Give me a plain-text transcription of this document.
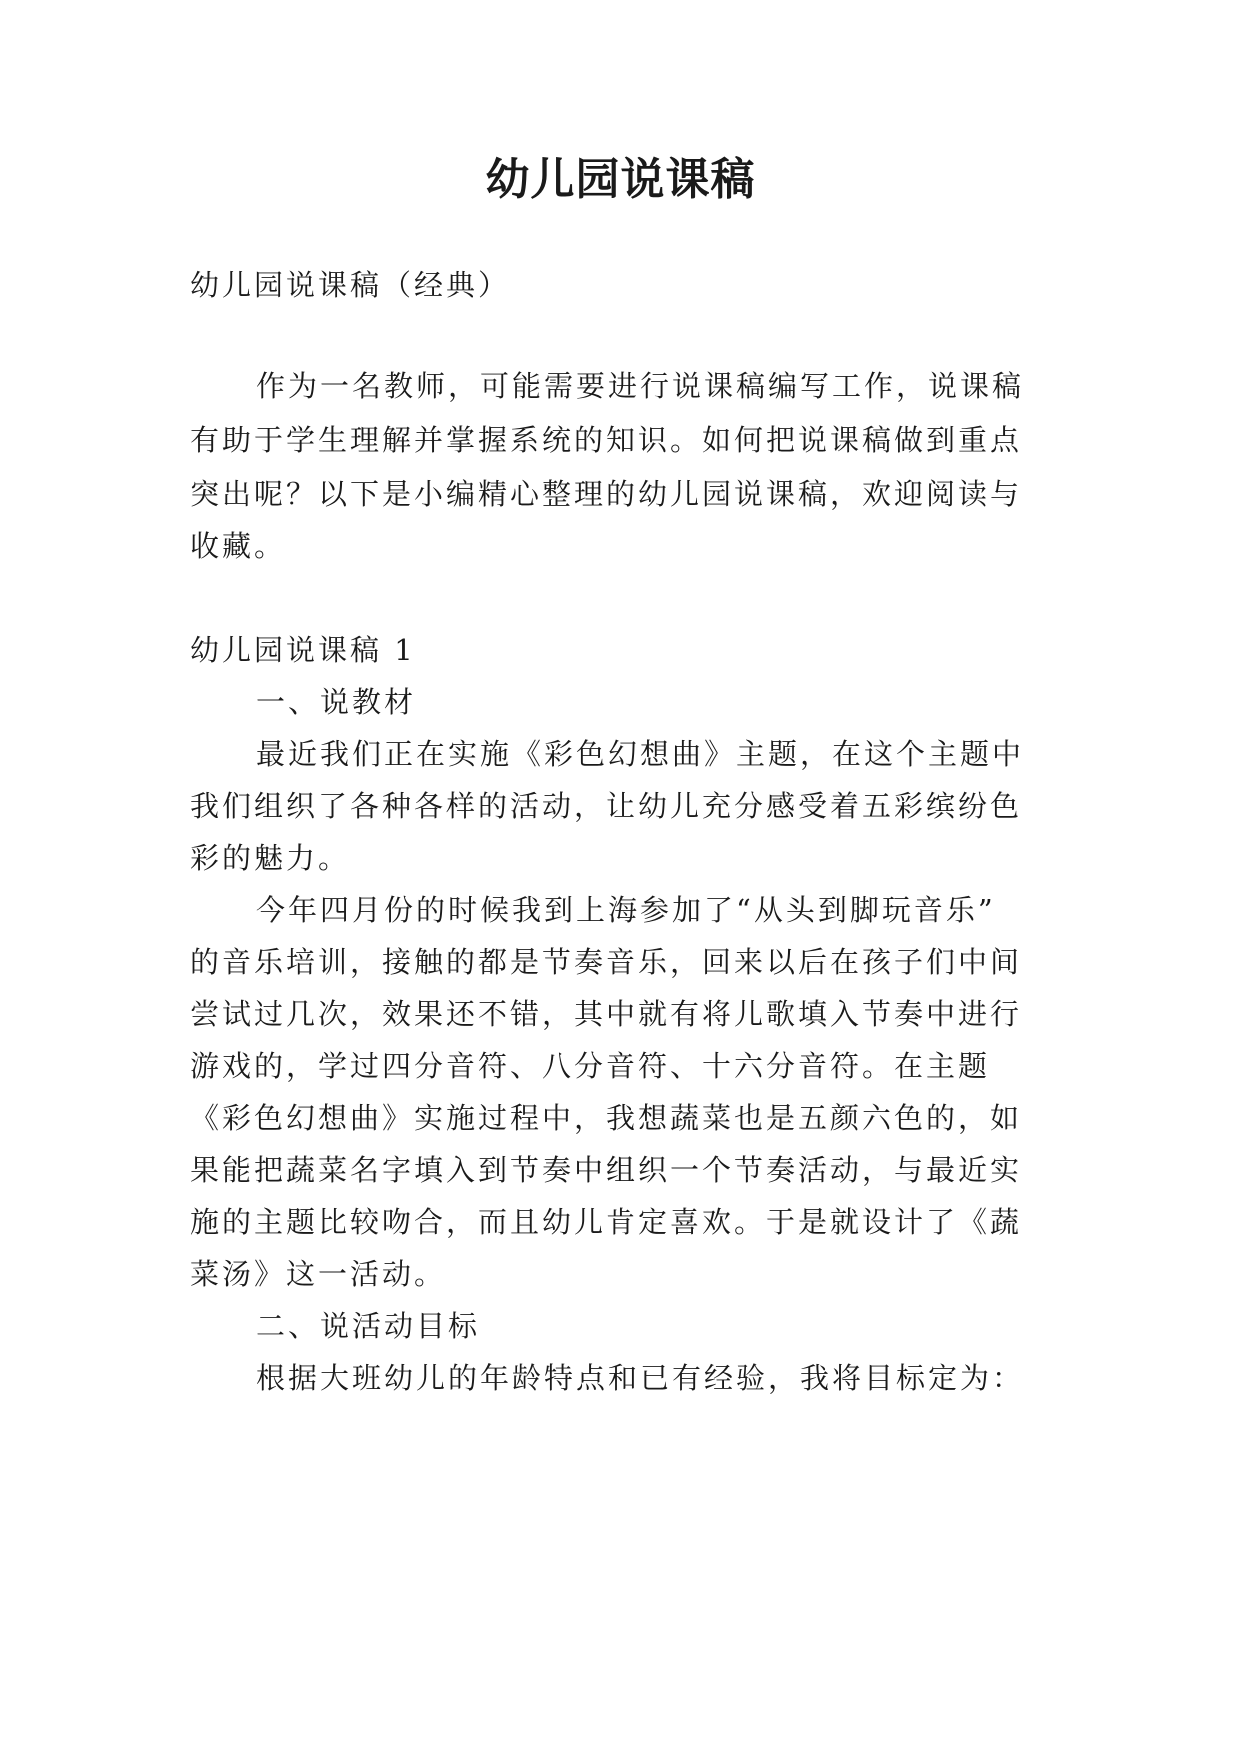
幼儿园说课稿
幼儿园说课稿（经典）
作为一名教师，可能需要进行说课稿编写工作，说课稿
有助于学生理解并掌握系统的知识。如何把说课稿做到重点
突出呢？以下是小编精心整理的幼儿园说课稿，欢迎阅读与
收藏。
幼儿园说课稿 1
一、说教材
最近我们正在实施《彩色幻想曲》主题，在这个主题中
我们组织了各种各样的活动，让幼儿充分感受着五彩缤纷色
彩的魅力。
今年四月份的时候我到上海参加了“从头到脚玩音乐”
的音乐培训，接触的都是节奏音乐，回来以后在孩子们中间
尝试过几次，效果还不错，其中就有将儿歌填入节奏中进行
游戏的，学过四分音符、八分音符、十六分音符。在主题
《彩色幻想曲》实施过程中，我想蔬菜也是五颜六色的，如
果能把蔬菜名字填入到节奏中组织一个节奏活动，与最近实
施的主题比较吻合，而且幼儿肯定喜欢。于是就设计了《蔬
菜汤》这一活动。
二、说活动目标
根据大班幼儿的年龄特点和已有经验，我将目标定为：
